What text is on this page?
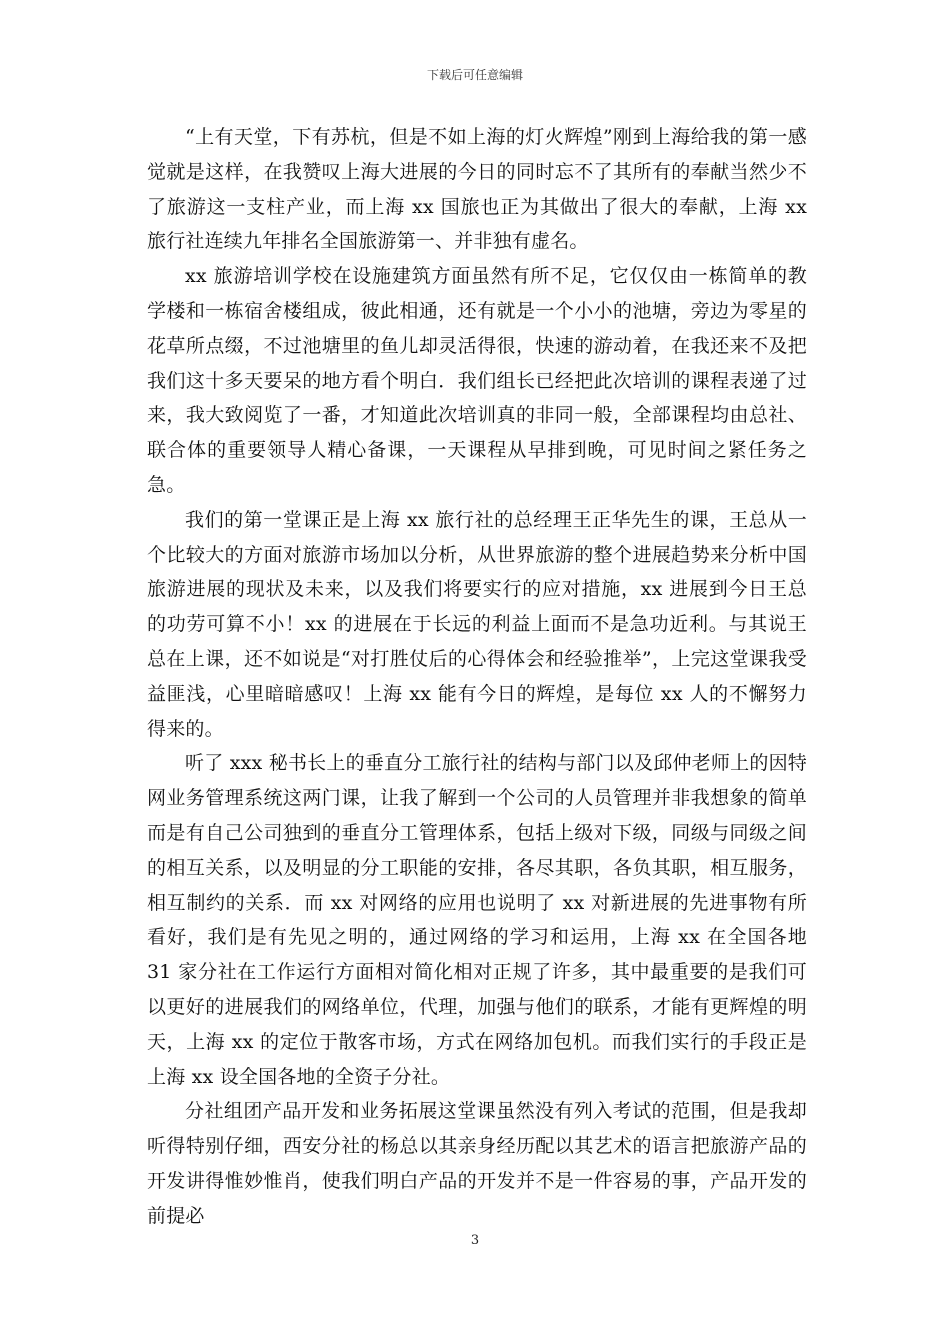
下载后可任意编辑

“上有天堂，下有苏杭，但是不如上海的灯火辉煌”刚到上海给我的第一感觉就是这样，在我赞叹上海大进展的今日的同时忘不了其所有的奉献当然少不了旅游这一支柱产业，而上海 xx 国旅也正为其做出了很大的奉献，上海 xx 旅行社连续九年排名全国旅游第一、并非独有虚名。

xx 旅游培训学校在设施建筑方面虽然有所不足，它仅仅由一栋简单的教学楼和一栋宿舍楼组成，彼此相通，还有就是一个小小的池塘，旁边为零星的花草所点缀，不过池塘里的鱼儿却灵活得很，快速的游动着，在我还来不及把我们这十多天要呆的地方看个明白．我们组长已经把此次培训的课程表递了过来，我大致阅览了一番，才知道此次培训真的非同一般，全部课程均由总社、联合体的重要领导人精心备课，一天课程从早排到晚，可见时间之紧任务之急。

我们的第一堂课正是上海 xx 旅行社的总经理王正华先生的课，王总从一个比较大的方面对旅游市场加以分析，从世界旅游的整个进展趋势来分析中国旅游进展的现状及未来，以及我们将要实行的应对措施，xx 进展到今日王总的功劳可算不小！xx 的进展在于长远的利益上面而不是急功近利。与其说王总在上课，还不如说是“对打胜仗后的心得体会和经验推举”，上完这堂课我受益匪浅，心里暗暗感叹！上海 xx 能有今日的辉煌，是每位 xx 人的不懈努力得来的。

听了 xxx 秘书长上的垂直分工旅行社的结构与部门以及邱仲老师上的因特网业务管理系统这两门课，让我了解到一个公司的人员管理并非我想象的简单而是有自己公司独到的垂直分工管理体系，包括上级对下级，同级与同级之间的相互关系，以及明显的分工职能的安排，各尽其职，各负其职，相互服务，相互制约的关系．而 xx 对网络的应用也说明了 xx 对新进展的先进事物有所看好，我们是有先见之明的，通过网络的学习和运用，上海 xx 在全国各地 31 家分社在工作运行方面相对简化相对正规了许多，其中最重要的是我们可以更好的进展我们的网络单位，代理，加强与他们的联系，才能有更辉煌的明天，上海 xx 的定位于散客市场，方式在网络加包机。而我们实行的手段正是上海 xx 设全国各地的全资子分社。

分社组团产品开发和业务拓展这堂课虽然没有列入考试的范围，但是我却听得特别仔细，西安分社的杨总以其亲身经历配以其艺术的语言把旅游产品的开发讲得惟妙惟肖，使我们明白产品的开发并不是一件容易的事，产品开发的前提必

3
